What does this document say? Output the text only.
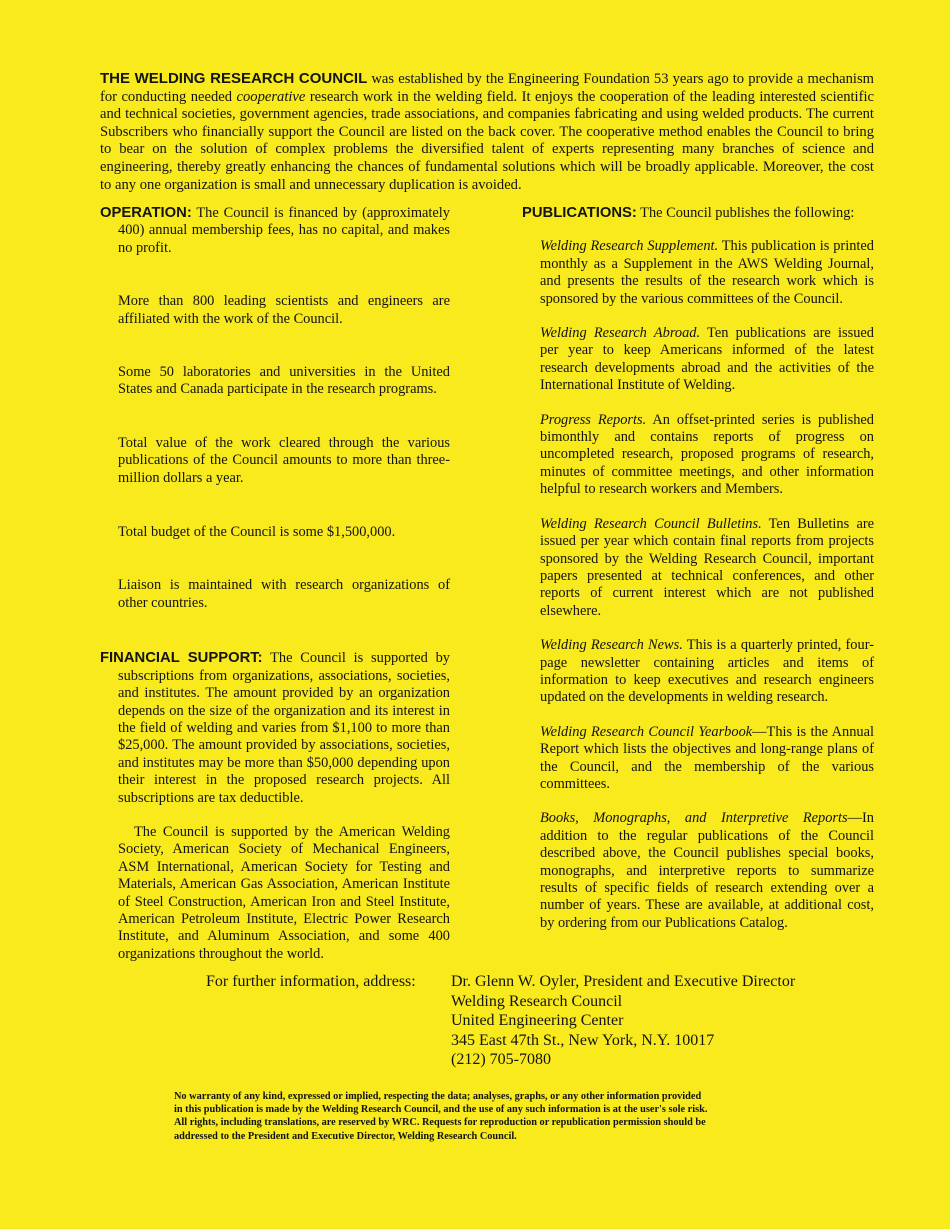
THE WELDING RESEARCH COUNCIL was established by the Engineering Foundation 53 years ago to provide a mechanism for conducting needed cooperative research work in the welding field. It enjoys the cooperation of the leading interested scientific and technical societies, government agencies, trade associations, and companies fabricating and using welded products. The current Subscribers who financially support the Council are listed on the back cover. The cooperative method enables the Council to bring to bear on the solution of complex problems the diversified talent of experts representing many branches of science and engineering, thereby greatly enhancing the chances of fundamental solutions which will be broadly applicable. Moreover, the cost to any one organization is small and unnecessary duplication is avoided.

OPERATION: The Council is financed by (approximately 400) annual membership fees, has no capital, and makes no profit.

More than 800 leading scientists and engineers are affiliated with the work of the Council.

Some 50 laboratories and universities in the United States and Canada participate in the research programs.

Total value of the work cleared through the various publications of the Council amounts to more than three-million dollars a year.

Total budget of the Council is some $1,500,000.

Liaison is maintained with research organizations of other countries.

FINANCIAL SUPPORT: The Council is supported by subscriptions from organizations, associations, societies, and institutes. The amount provided by an organization depends on the size of the organization and its interest in the field of welding and varies from $1,100 to more than $25,000. The amount provided by associations, societies, and institutes may be more than $50,000 depending upon their interest in the proposed research projects. All subscriptions are tax deductible.

The Council is supported by the American Welding Society, American Society of Mechanical Engineers, ASM International, American Society for Testing and Materials, American Gas Association, American Institute of Steel Construction, American Iron and Steel Institute, American Petroleum Institute, Electric Power Research Institute, and Aluminum Association, and some 400 organizations throughout the world.

PUBLICATIONS: The Council publishes the following:

Welding Research Supplement. This publication is printed monthly as a Supplement in the AWS Welding Journal, and presents the results of the research work which is sponsored by the various committees of the Council.

Welding Research Abroad. Ten publications are issued per year to keep Americans informed of the latest research developments abroad and the activities of the International Institute of Welding.

Progress Reports. An offset-printed series is published bimonthly and contains reports of progress on uncompleted research, proposed programs of research, minutes of committee meetings, and other information helpful to research workers and Members.

Welding Research Council Bulletins. Ten Bulletins are issued per year which contain final reports from projects sponsored by the Welding Research Council, important papers presented at technical conferences, and other reports of current interest which are not published elsewhere.

Welding Research News. This is a quarterly printed, four-page newsletter containing articles and items of information to keep executives and research engineers updated on the developments in welding research.

Welding Research Council Yearbook—This is the Annual Report which lists the objectives and long-range plans of the Council, and the membership of the various committees.

Books, Monographs, and Interpretive Reports—In addition to the regular publications of the Council described above, the Council publishes special books, monographs, and interpretive reports to summarize results of specific fields of research extending over a number of years. These are available, at additional cost, by ordering from our Publications Catalog.

For further information, address: Dr. Glenn W. Oyler, President and Executive Director
Welding Research Council
United Engineering Center
345 East 47th St., New York, N.Y. 10017
(212) 705-7080
No warranty of any kind, expressed or implied, respecting the data; analyses, graphs, or any other information provided
in this publication is made by the Welding Research Council, and the use of any such information is at the user's sole risk.
All rights, including translations, are reserved by WRC. Requests for reproduction or republication permission should be
addressed to the President and Executive Director, Welding Research Council.
